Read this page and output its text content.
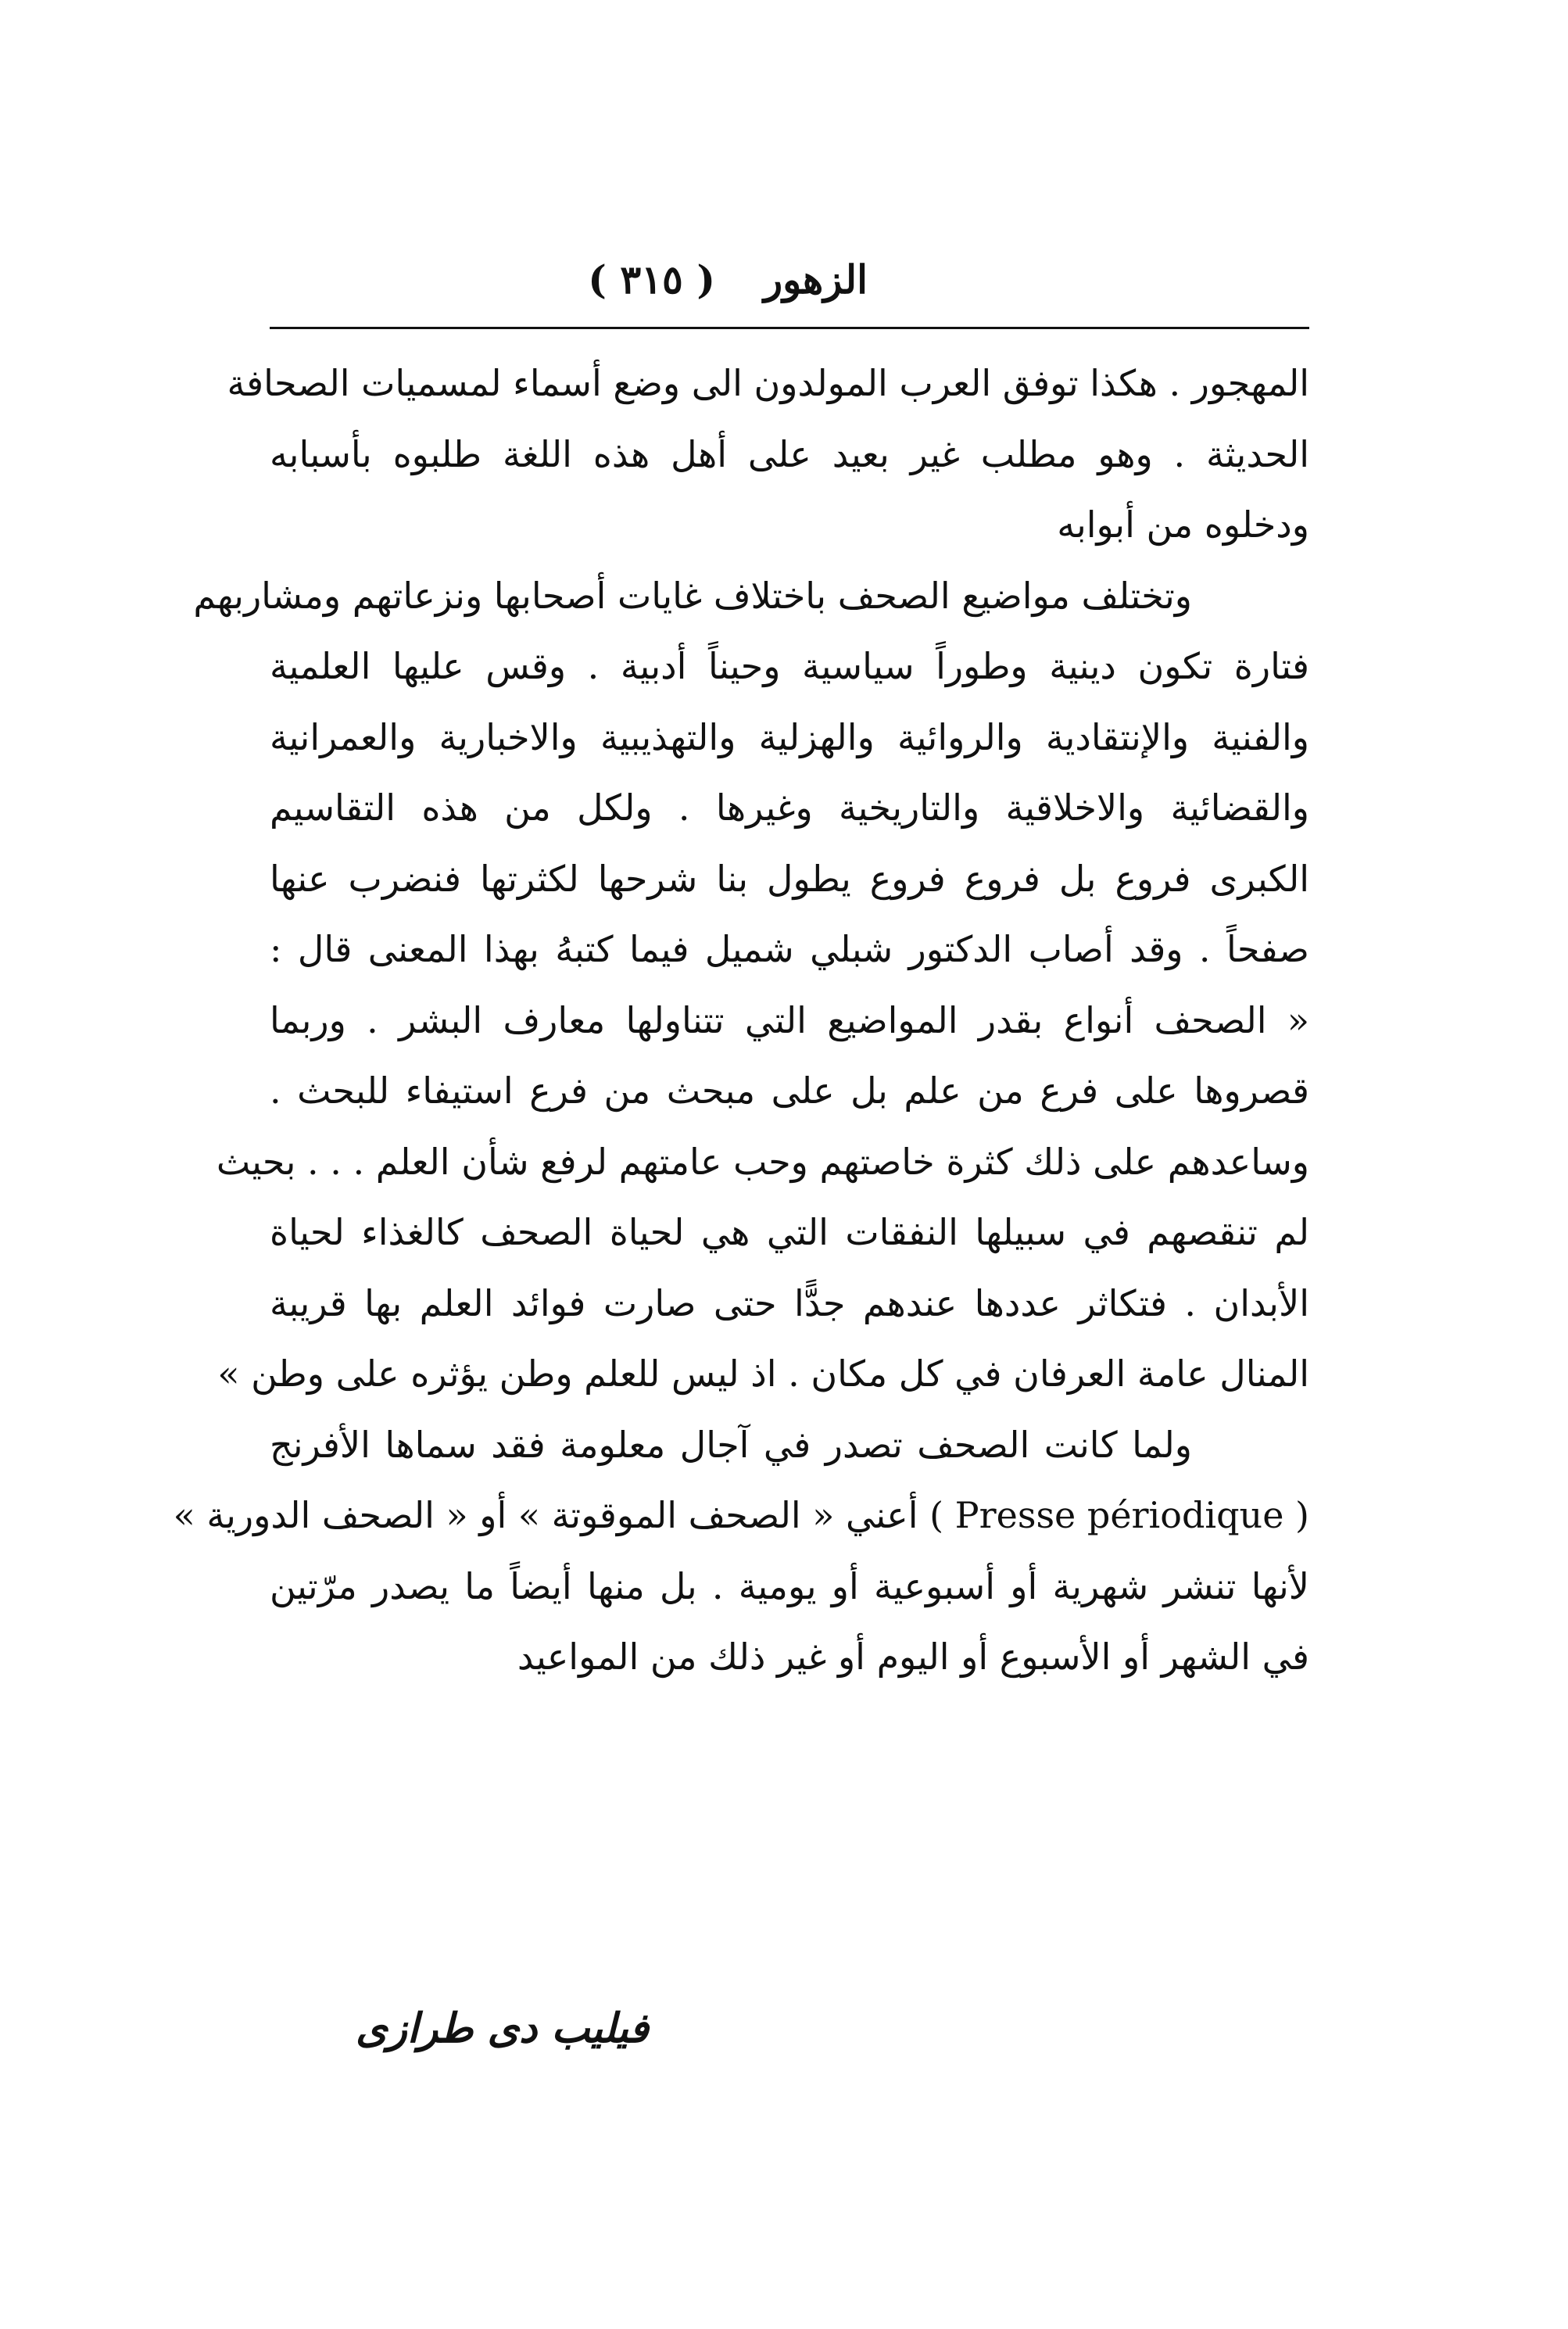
الزهور
( ٣١٥ )
المهجور . هكذا توفق العرب المولدون الى وضع أسماء لمسميات الصحافة
الحديثة . وهو مطلب غير بعيد على أهل هذه اللغة طلبوه بأسبابه
ودخلوه من أبوابه
وتختلف مواضيع الصحف باختلاف غايات أصحابها ونزعاتهم ومشاربهم
فتارة تكون دينية وطوراً سياسية وحيناً أدبية . وقس عليها العلمية
والفنية والإنتقادية والروائية والهزلية والتهذيبية والاخبارية والعمرانية
والقضائية والاخلاقية والتاريخية وغيرها . ولكل من هذه التقاسيم
الكبرى فروع بل فروع فروع يطول بنا شرحها لكثرتها فنضرب عنها
صفحاً . وقد أصاب الدكتور شبلي شميل فيما كتبهُ بهذا المعنى قال :
« الصحف أنواع بقدر المواضيع التي تتناولها معارف البشر . وربما
قصروها على فرع من علم بل على مبحث من فرع استيفاء للبحث .
وساعدهم على ذلك كثرة خاصتهم وحب عامتهم لرفع شأن العلم . . . بحيث
لم تنقصهم في سبيلها النفقات التي هي لحياة الصحف كالغذاء لحياة
الأبدان . فتكاثر عددها عندهم جدًّا حتى صارت فوائد العلم بها قريبة
المنال عامة العرفان في كل مكان . اذ ليس للعلم وطن يؤثره على وطن »
ولما كانت الصحف تصدر في آجال معلومة فقد سماها الأفرنج
( Presse périodique ) أعني « الصحف الموقوتة » أو « الصحف الدورية »
لأنها تنشر شهرية أو أسبوعية أو يومية . بل منها أيضاً ما يصدر مرّتين
في الشهر أو الأسبوع أو اليوم أو غير ذلك من المواعيد
فيليب دى طرازى
